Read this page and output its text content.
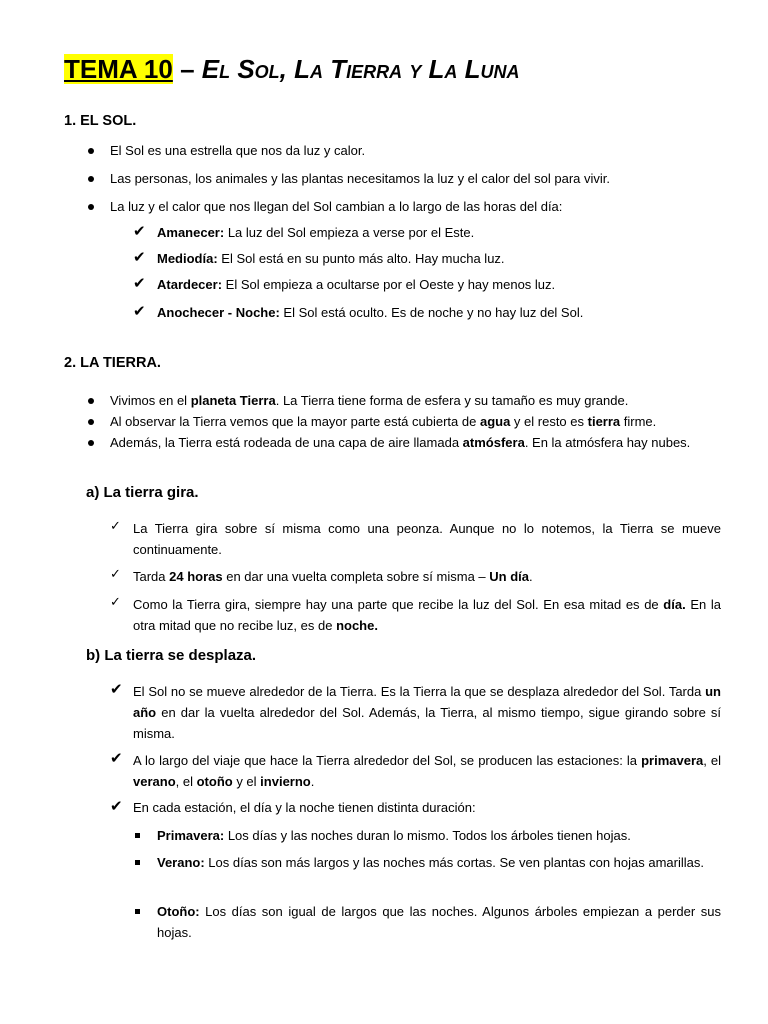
TEMA 10 – El Sol, La Tierra y La Luna
1. EL SOL.
El Sol es una estrella que nos da luz y calor.
Las personas, los animales y las plantas necesitamos la luz y el calor del sol para vivir.
La luz y el calor que nos llegan del Sol cambian a lo largo de las horas del día:
✔ Amanecer: La luz del Sol empieza a verse por el Este.
✔ Mediodía: El Sol está en su punto más alto. Hay mucha luz.
✔ Atardecer: El Sol empieza a ocultarse por el Oeste y hay menos luz.
✔ Anochecer - Noche: El Sol está oculto. Es de noche y no hay luz del Sol.
2. LA TIERRA.
Vivimos en el planeta Tierra. La Tierra tiene forma de esfera y su tamaño es muy grande.
Al observar la Tierra vemos que la mayor parte está cubierta de agua y el resto es tierra firme.
Además, la Tierra está rodeada de una capa de aire llamada atmósfera. En la atmósfera hay nubes.
a) La tierra gira.
✓ La Tierra gira sobre sí misma como una peonza. Aunque no lo notemos, la Tierra se mueve continuamente.
✓ Tarda 24 horas en dar una vuelta completa sobre sí misma – Un día.
✓ Como la Tierra gira, siempre hay una parte que recibe la luz del Sol. En esa mitad es de día. En la otra mitad que no recibe luz, es de noche.
b) La tierra se desplaza.
✔ El Sol no se mueve alrededor de la Tierra. Es la Tierra la que se desplaza alrededor del Sol. Tarda un año en dar la vuelta alrededor del Sol. Además, la Tierra, al mismo tiempo, sigue girando sobre sí misma.
✔ A lo largo del viaje que hace la Tierra alrededor del Sol, se producen las estaciones: la primavera, el verano, el otoño y el invierno.
✔ En cada estación, el día y la noche tienen distinta duración:
Primavera: Los días y las noches duran lo mismo. Todos los árboles tienen hojas.
Verano: Los días son más largos y las noches más cortas. Se ven plantas con hojas amarillas.
Otoño: Los días son igual de largos que las noches. Algunos árboles empiezan a perder sus hojas.
